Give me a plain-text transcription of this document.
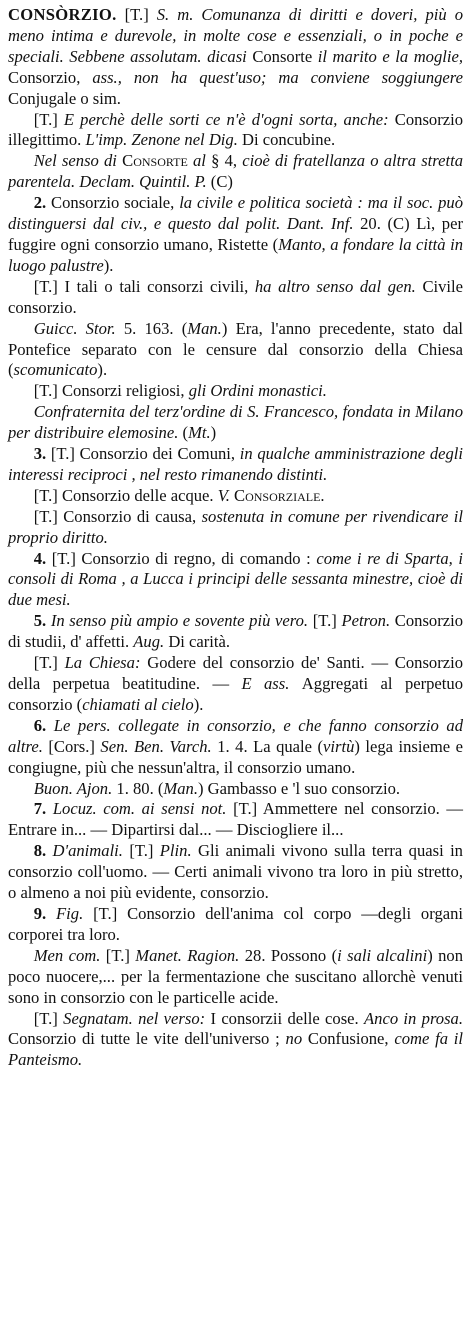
CONSÒRZIO. [T.] S. m. Comunanza di diritti e doveri, più o meno intima e durevole, in molte cose e essenziali, o in poche e speciali. Sebbene assolutam. dicasi Consorte il marito e la moglie, Consorzio, ass., non ha quest'uso; ma conviene soggiungere Conjugale o sim.

[T.] E perchè delle sorti ce n'è d'ogni sorta, anche: Consorzio illegittimo. L'imp. Zenone nel Dig. Di concubine.

Nel senso di Consorte al § 4, cioè di fratellanza o altra stretta parentela. Declam. Quintil. P. (C)

2. Consorzio sociale, la civile e politica società : ma il soc. può distinguersi dal civ., e questo dal polit. Dant. Inf. 20. (C) Lì, per fuggire ogni consorzio umano, Ristette (Manto, a fondare la città in luogo palustre).

[T.] I tali o tali consorzi civili, ha altro senso dal gen. Civile consorzio.

Guicc. Stor. 5. 163. (Man.) Era, l'anno precedente, stato dal Pontefice separato con le censure dal consorzio della Chiesa (scomunicato).

[T.] Consorzi religiosi, gli Ordini monastici.

Confraternita del terz'ordine di S. Francesco, fondata in Milano per distribuire elemosine. (Mt.)

3. [T.] Consorzio dei Comuni, in qualche amministrazione degli interessi reciproci , nel resto rimanendo distinti.

[T.] Consorzio delle acque. V. Consorziale.

[T.] Consorzio di causa, sostenuta in comune per rivendicare il proprio diritto.

4. [T.] Consorzio di regno, di comando : come i re di Sparta, i consoli di Roma , a Lucca i principi delle sessanta minestre, cioè di due mesi.

5. In senso più ampio e sovente più vero. [T.] Petron. Consorzio di studii, d' affetti. Aug. Di carità.

[T.] La Chiesa: Godere del consorzio de' Santi. — Consorzio della perpetua beatitudine. — E ass. Aggregati al perpetuo consorzio (chiamati al cielo).

6. Le pers. collegate in consorzio, e che fanno consorzio ad altre. [Cors.] Sen. Ben. Varch. 1. 4. La quale (virtù) lega insieme e congiugne, più che nessun'altra, il consorzio umano.

Buon. Ajon. 1. 80. (Man.) Gambasso e 'l suo consorzio.

7. Locuz. com. ai sensi not. [T.] Ammettere nel consorzio. — Entrare in... — Dipartirsi dal... — Disciogliere il...

8. D'animali. [T.] Plin. Gli animali vivono sulla terra quasi in consorzio coll'uomo. — Certi animali vivono tra loro in più stretto, o almeno a noi più evidente, consorzio.

9. Fig. [T.] Consorzio dell'anima col corpo —degli organi corporei tra loro.

Men com. [T.] Manet. Ragion. 28. Possono (i sali alcalini) non poco nuocere,... per la fermentazione che suscitano allorchè venuti sono in consorzio con le particelle acide.

[T.] Segnatam. nel verso: I consorzii delle cose. Anco in prosa. Consorzio di tutte le vite dell'universo ; no Confusione, come fa il Panteismo.
